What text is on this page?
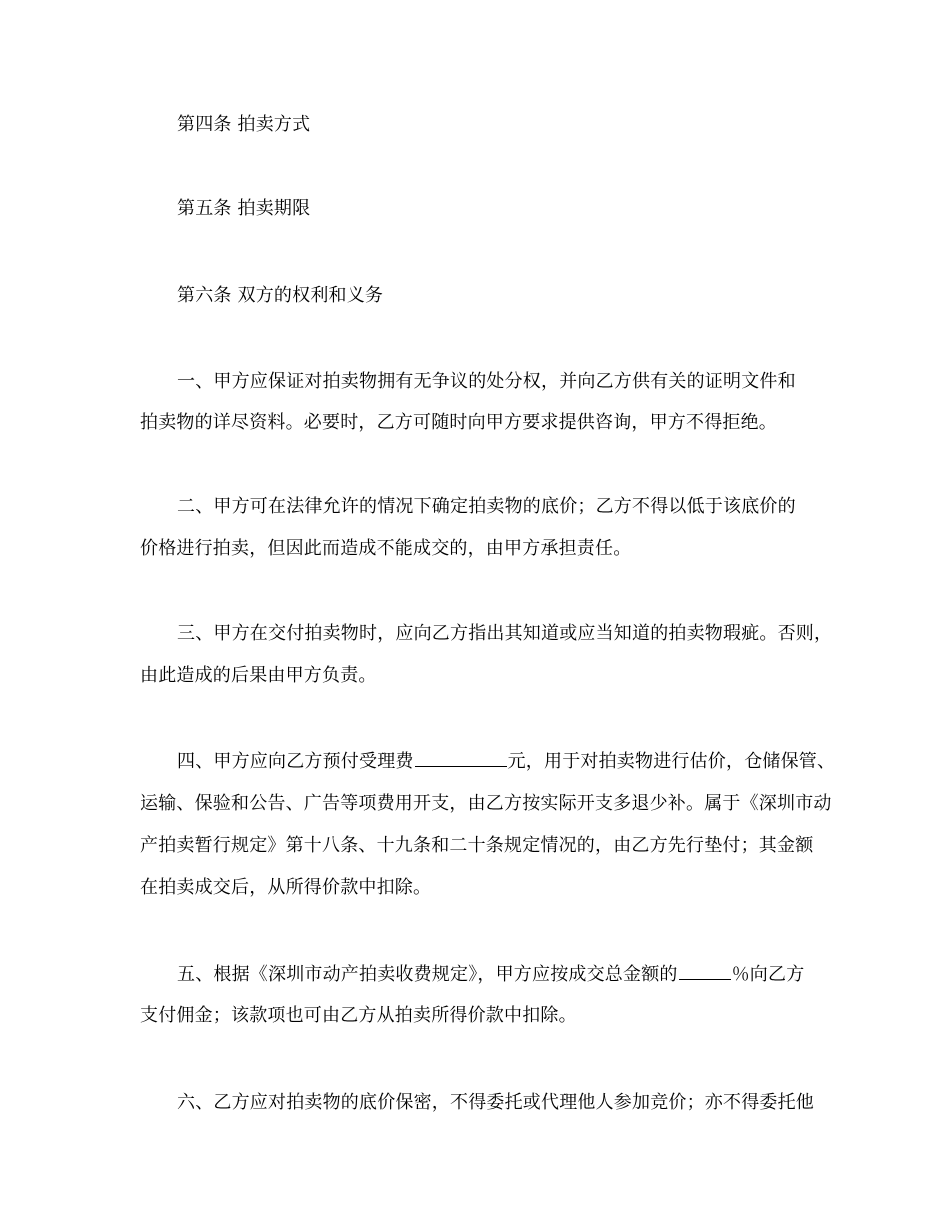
第四条 拍卖方式
第五条 拍卖期限
第六条 双方的权利和义务
一、甲方应保证对拍卖物拥有无争议的处分权，并向乙方供有关的证明文件和
拍卖物的详尽资料。必要时，乙方可随时向甲方要求提供咨询，甲方不得拒绝。
二、甲方可在法律允许的情况下确定拍卖物的底价；乙方不得以低于该底价的
价格进行拍卖，但因此而造成不能成交的，由甲方承担责任。
三、甲方在交付拍卖物时，应向乙方指出其知道或应当知道的拍卖物瑕疵。否则，
由此造成的后果由甲方负责。
四、甲方应向乙方预付受理费	元，用于对拍卖物进行估价，仓储保管、
运输、保验和公告、广告等项费用开支，由乙方按实际开支多退少补。属于《深圳市动
产拍卖暂行规定》第十八条、十九条和二十条规定情况的，由乙方先行垫付；其金额
在拍卖成交后，从所得价款中扣除。
五、根据《深圳市动产拍卖收费规定》，甲方应按成交总金额的	％向乙方
支付佣金；该款项也可由乙方从拍卖所得价款中扣除。
六、乙方应对拍卖物的底价保密，不得委托或代理他人参加竞价；亦不得委托他
